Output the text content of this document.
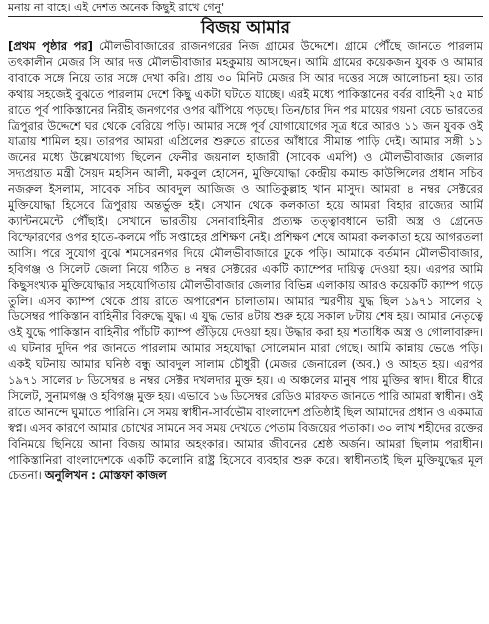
মনায় না বাহে। এই দেশত অনেক কিছুই রাখে গেনু'
বিজয় আমার

[প্রথম পৃষ্ঠার পর] মৌলভীবাজারের রাজনগরের নিজ গ্রামের উদ্দেশে। গ্রামে পৌঁছে জানতে পারলাম তৎকালীন মেজর সি আর দত্ত মৌলভীবাজার মহকুমায় আসছেন। আমি গ্রামের কয়েকজন যুবক ও আমার বাবাকে সঙ্গে নিয়ে তার সঙ্গে দেখা করি। প্রায় ৩০ মিনিট মেজর সি আর দত্তের সঙ্গে আলোচনা হয়। তার কথায় সহজেই বুঝতে পারলাম দেশে কিছু একটা ঘটতে যাচ্ছে। এরই মধ্যে পাকিস্তানের বর্বর বাহিনী ২৫ মার্চ রাতে পূর্ব পাকিস্তানের নিরীহ জনগণের ওপর ঝাঁপিয়ে পড়ছে। তিন/চার দিন পর মায়ের গয়না বেচে ভারতের ত্রিপুরার উদ্দেশে ঘর থেকে বেরিয়ে পড়ি। আমার সঙ্গে পূর্ব যোগাযোগের সূত্র ধরে আরও ১১ জন যুবক ওই যাত্রায় শামিল হয়। তারপর আমরা এপ্রিলের শুরুতে রাতের আঁধারে সীমান্ত পাড়ি দেই। আমার সঙ্গী ১১ জনের মধ্যে উল্লেখযোগ্য ছিলেন ফেনীর জয়নাল হাজারী (সাবেক এমপি) ও মৌলভীবাজার জেলার সদ্যপ্রয়াত মন্ত্রী সৈয়দ মহসিন আলী, মকবুল হোসেন, মুক্তিযোদ্ধা কেন্দ্রীয় কমান্ড কাউন্সিলের প্রধান সচিব নজরুল ইসলাম, সাবেক সচিব আবদুল আজিজ ও আতিকুল্লাহ খান মাসুদ। আমরা ৪ নম্বর সেক্টরের মুক্তিযোদ্ধা হিসেবে ত্রিপুরায় অন্তর্ভুক্ত হই। সেখান থেকে কলকাতা হয়ে আমরা বিহার রাজ্যের আর্মি ক্যান্টনমেন্টে পৌঁছাই। সেখানে ভারতীয় সেনাবাহিনীর প্রত্যক্ষ তত্ত্বাবধানে ভারী অস্ত্র ও গ্রেনেড বিস্ফোরণের ওপর হাতে-কলমে পাঁচ সপ্তাহের প্রশিক্ষণ নেই। প্রশিক্ষণ শেষে আমরা কলকাতা হয়ে আগরতলা আসি। পরে সুযোগ বুঝে শমসেরনগর দিয়ে মৌলভীবাজারে ঢুকে পড়ি। আমাকে বর্তমান মৌলভীবাজার, হবিগঞ্জ ও সিলেট জেলা নিয়ে গঠিত ৪ নম্বর সেক্টরের একটি ক্যাম্পের দায়িত্ব দেওয়া হয়। এরপর আমি কিছুসংখ্যক মুক্তিযোদ্ধার সহযোগিতায় মৌলভীবাজার জেলার বিভিন্ন এলাকায় আরও কয়েকটি ক্যাম্প গড়ে তুলি। এসব ক্যাম্প থেকে প্রায় রাতে অপারেশন চালাতাম। আমার স্মরণীয় যুদ্ধ ছিল ১৯৭১ সালের ২ ডিসেম্বর পাকিস্তান বাহিনীর বিরুদ্ধে যুদ্ধ। এ যুদ্ধ ভোর ৪টায় শুরু হয়ে সকাল ৮টায় শেষ হয়। আমার নেতৃত্বে ওই যুদ্ধে পাকিস্তান বাহিনীর পাঁচটি ক্যাম্প গুঁড়িয়ে দেওয়া হয়। উদ্ধার করা হয় শতাধিক অস্ত্র ও গোলাবারুদ। এ ঘটনার দুদিন পর জানতে পারলাম আমার সহযোদ্ধা সোলেমান মারা গেছে। আমি কান্নায় ভেঙে পড়ি। একই ঘটনায় আমার ঘনিষ্ঠ বন্ধু আবদুল সালাম চৌধুরী (মেজর জেনারেল (অব.) ও আহত হয়। এরপর ১৯৭১ সালের ৮ ডিসেম্বর ৪ নম্বর সেক্টর দখলদার মুক্ত হয়। এ অঞ্চলের মানুষ পায় মুক্তির স্বাদ। ধীরে ধীরে সিলেট, সুনামগঞ্জ ও হবিগঞ্জ মুক্ত হয়। এভাবে ১৬ ডিসেম্বর রেডিও মারফত জানতে পারি আমরা স্বাধীন। ওই রাতে আনন্দে ঘুমাতে পারিনি। সে সময় স্বাধীন-সার্বভৌম বাংলাদেশ প্রতিষ্ঠাই ছিল আমাদের প্রধান ও একমাত্র স্বপ্ন। এসব কারণে আমার চোখের সামনে সব সময় দেখতে পেতাম বিজয়ের পতাকা। ৩০ লাখ শহীদের রক্তের বিনিময়ে ছিনিয়ে আনা বিজয় আমার অহংকার। আমার জীবনের শ্রেষ্ঠ অর্জন। আমরা ছিলাম পরাধীন। পাকিস্তানিরা বাংলাদেশকে একটি কলোনি রাষ্ট্র হিসেবে ব্যবহার শুরু করে। স্বাধীনতাই ছিল মুক্তিযুদ্ধের মূল চেতনা। অনুলিখন : মোস্তফা কাজল
